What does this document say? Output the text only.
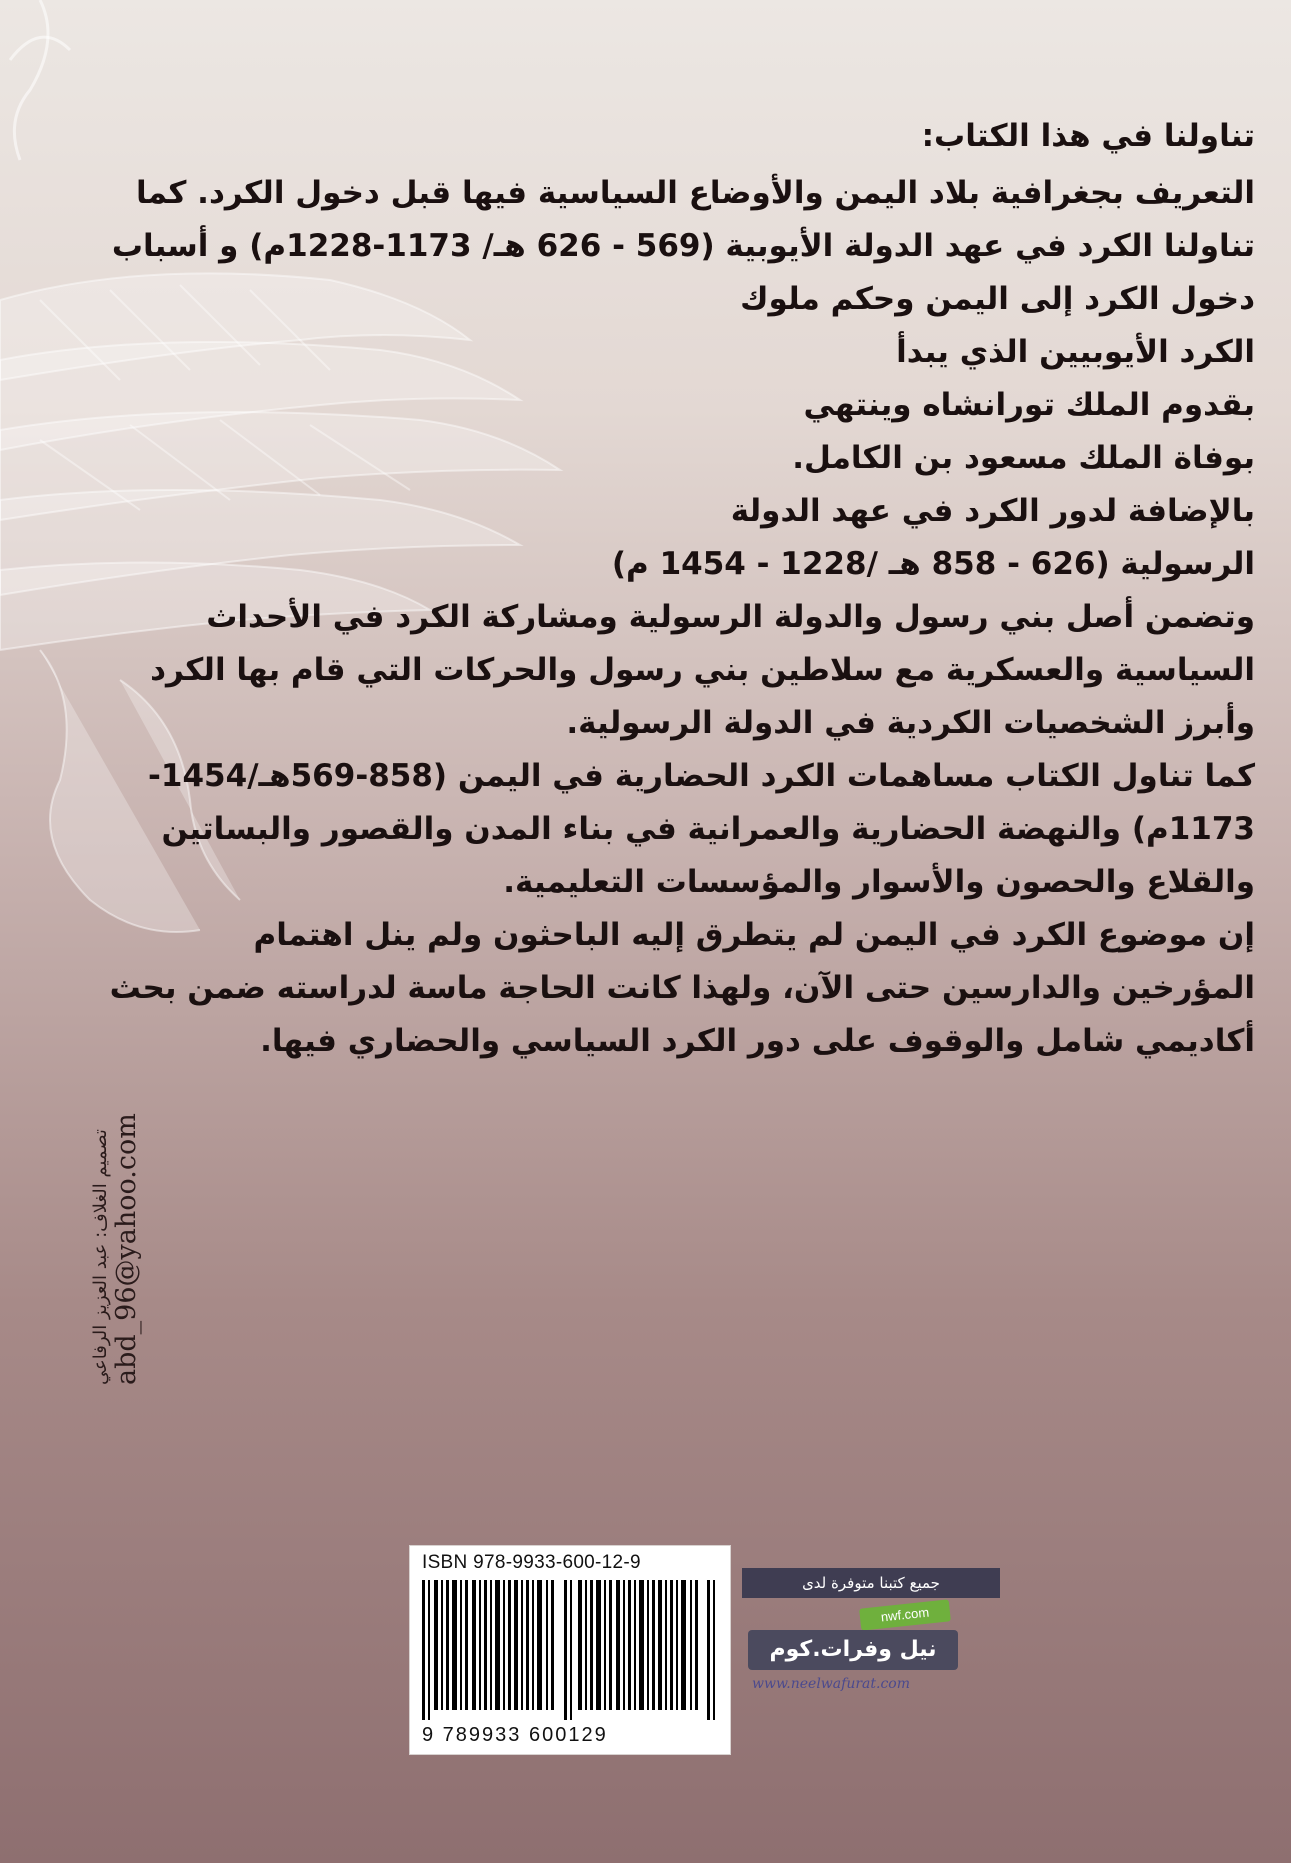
تناولنا في هذا الكتاب:

التعريف بجغرافية بلاد اليمن والأوضاع السياسية فيها قبل دخول الكرد. كما تناولنا الكرد في عهد الدولة الأيوبية (569 - 626 هـ/ 1173-1228م) و أسباب دخول الكرد إلى اليمن وحكم ملوك

الكرد الأيوبيين الذي يبدأ

بقدوم الملك تورانشاه وينتهي

بوفاة الملك مسعود بن الكامل.

بالإضافة لدور الكرد في عهد الدولة

الرسولية (626 - 858 هـ /1228 - 1454 م)

وتضمن أصل بني رسول والدولة الرسولية ومشاركة الكرد في الأحداث السياسية والعسكرية مع سلاطين بني رسول والحركات التي قام بها الكرد وأبرز الشخصيات الكردية في الدولة الرسولية.

كما تناول الكتاب مساهمات الكرد الحضارية في اليمن (858-569هـ/1454-1173م) والنهضة الحضارية والعمرانية في بناء المدن والقصور والبساتين والقلاع والحصون والأسوار والمؤسسات التعليمية.

إن موضوع الكرد في اليمن لم يتطرق إليه الباحثون ولم ينل اهتمام المؤرخين والدارسين حتى الآن، ولهذا كانت الحاجة ماسة لدراسته ضمن بحث أكاديمي شامل والوقوف على دور الكرد السياسي والحضاري فيها.

تصميم الغلاف: عبد العزيز الرفاعي abd_96@yahoo.com
ISBN 978-9933-600-12-9
9 789933 600129
جميع كتبنا متوفرة لدى
nwf.com
نيل وفرات.كوم
www.neelwafurat.com
